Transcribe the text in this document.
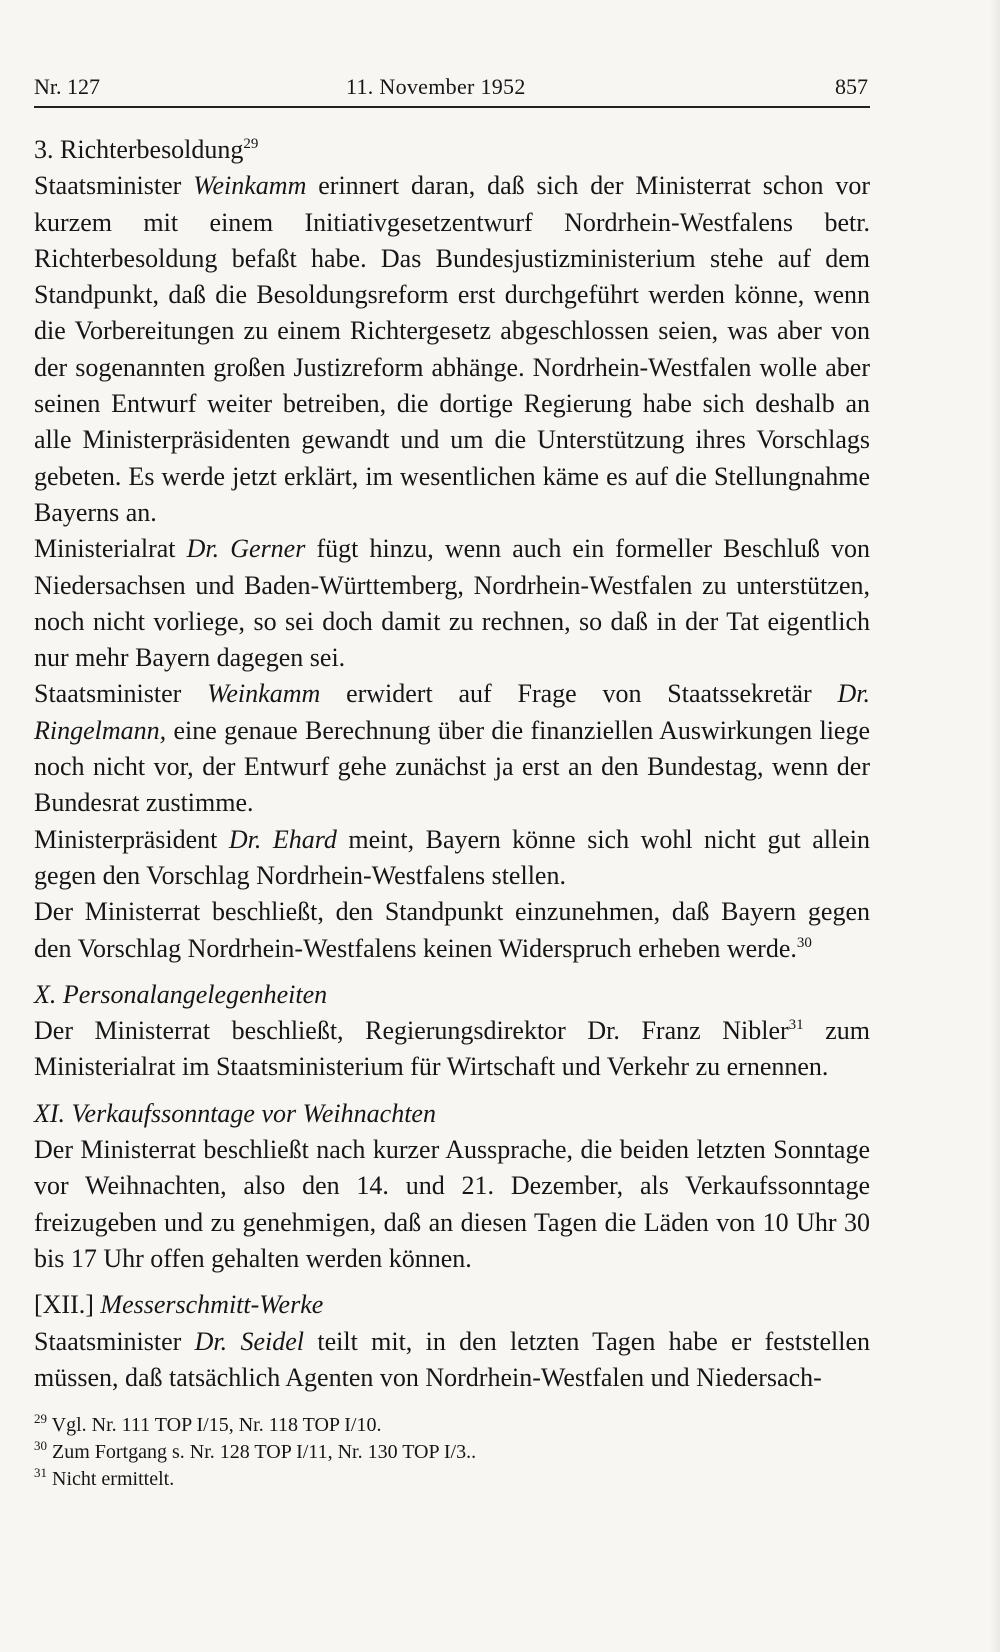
Nr. 127	11. November 1952	857

3. Richterbesoldung$^{29}$

Staatsminister Weinkamm erinnert daran, daß sich der Ministerrat schon vor kurzem mit einem Initiativgesetzentwurf Nordrhein-Westfalens betr. Richterbesoldung befaßt habe. Das Bundesjustizministerium stehe auf dem Standpunkt, daß die Besoldungsreform erst durchgeführt werden könne, wenn die Vorbereitungen zu einem Richtergesetz abgeschlossen seien, was aber von der sogenannten großen Justizreform abhänge. Nordrhein-Westfalen wolle aber seinen Entwurf weiter betreiben, die dortige Regierung habe sich deshalb an alle Ministerpräsidenten gewandt und um die Unterstützung ihres Vorschlags gebeten. Es werde jetzt erklärt, im wesentlichen käme es auf die Stellungnahme Bayerns an.

Ministerialrat Dr. Gerner fügt hinzu, wenn auch ein formeller Beschluß von Niedersachsen und Baden-Württemberg, Nordrhein-Westfalen zu unterstützen, noch nicht vorliege, so sei doch damit zu rechnen, so daß in der Tat eigentlich nur mehr Bayern dagegen sei.

Staatsminister Weinkamm erwidert auf Frage von Staatssekretär Dr. Ringelmann, eine genaue Berechnung über die finanziellen Auswirkungen liege noch nicht vor, der Entwurf gehe zunächst ja erst an den Bundestag, wenn der Bundesrat zustimme.

Ministerpräsident Dr. Ehard meint, Bayern könne sich wohl nicht gut allein gegen den Vorschlag Nordrhein-Westfalens stellen.

Der Ministerrat beschließt, den Standpunkt einzunehmen, daß Bayern gegen den Vorschlag Nordrhein-Westfalens keinen Widerspruch erheben werde.$^{30}$

X. Personalangelegenheiten

Der Ministerrat beschließt, Regierungsdirektor Dr. Franz Nibler$^{31}$ zum Ministerialrat im Staatsministerium für Wirtschaft und Verkehr zu ernennen.

XI. Verkaufssonntage vor Weihnachten

Der Ministerrat beschließt nach kurzer Aussprache, die beiden letzten Sonntage vor Weihnachten, also den 14. und 21. Dezember, als Verkaufssonntage freizugeben und zu genehmigen, daß an diesen Tagen die Läden von 10 Uhr 30 bis 17 Uhr offen gehalten werden können.

[XII.] Messerschmitt-Werke

Staatsminister Dr. Seidel teilt mit, in den letzten Tagen habe er feststellen müssen, daß tatsächlich Agenten von Nordrhein-Westfalen und Niedersach-

$^{29}$ Vgl. Nr. 111 TOP I/15, Nr. 118 TOP I/10.

$^{30}$ Zum Fortgang s. Nr. 128 TOP I/11, Nr. 130 TOP I/3..

$^{31}$ Nicht ermittelt.
